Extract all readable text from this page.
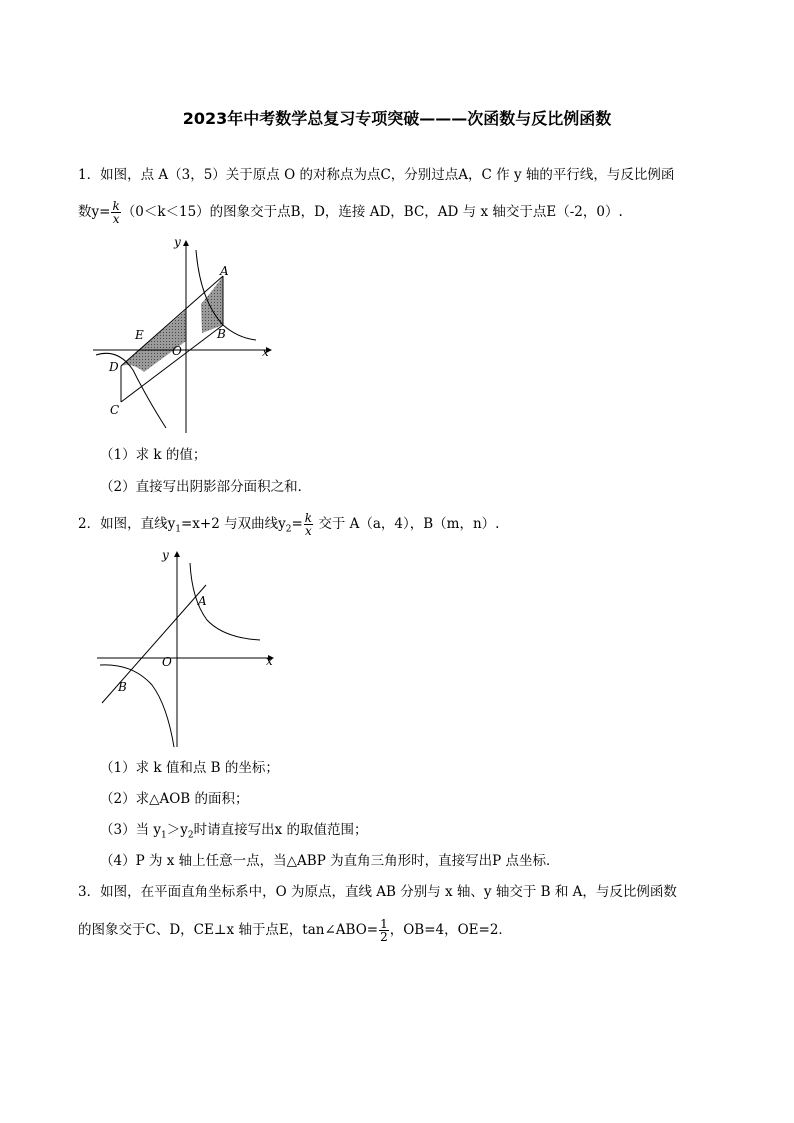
2023年中考数学总复习专项突破———次函数与反比例函数
1．如图，点 A（3，5）关于原点 O 的对称点为点C，分别过点A，C 作 y 轴的平行线，与反比例函
数$y= \frac{k}{x} (0<k<15)$的图象交于点B，D，连接 AD，BC，AD 与 x 轴交于点E（-2，0）.
y
x
A
B
E
O
D
C
（1）求 k 的值；
（2）直接写出阴影部分面积之和．
2．如图，直线$y_1=x+2$ 与双曲线$y_2= \frac{k}{x}$ 交于 A（a，4），B（m，n）.
y
x
A
B
O
（1）求 k 值和点 B 的坐标；
（2）求△AOB 的面积；
（3）当 $y_1>y_2$时请直接写出x 的取值范围；
（4）P 为 x 轴上任意一点，当△ABP 为直角三角形时，直接写出P 点坐标．
3．如图，在平面直角坐标系中，O 为原点，直线 AB 分别与 x 轴、y 轴交于 B 和 A，与反比例函数
的图象交于C、D，CE⊥x 轴于点E，tan∠ABO= $\frac{1}{2}$ ，OB=4，OE=2．
